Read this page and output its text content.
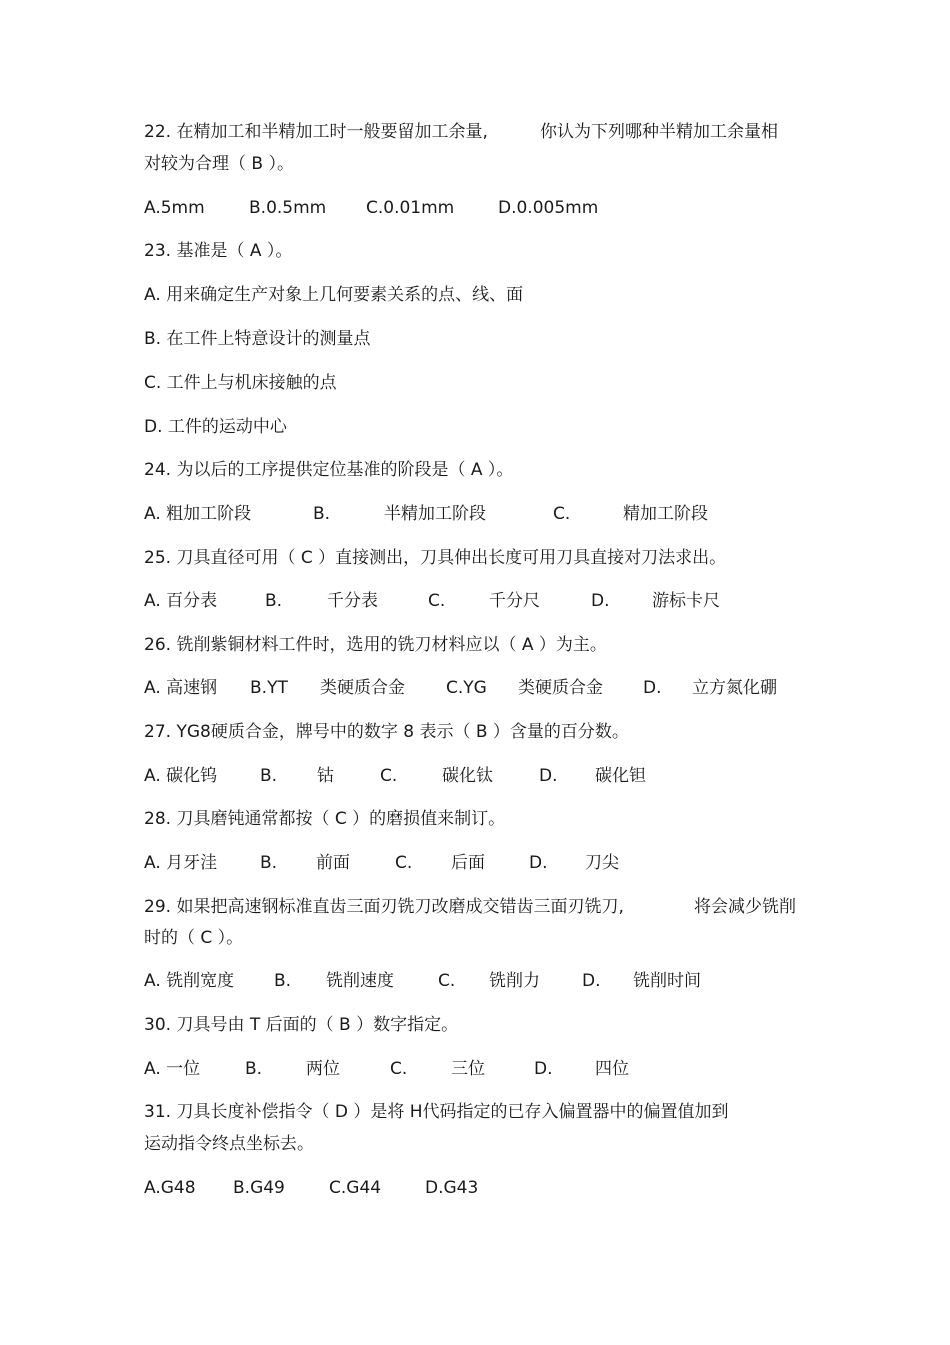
22. 在精加工和半精加工时一般要留加工余量,	你认为下列哪种半精加工余量相
对较为合理（ B ）。
A.5mm	B.0.5mm C.0.01mm	D.0.005mm
23. 基准是（ A ）。
A. 用来确定生产对象上几何要素关系的点、线、面
B. 在工件上特意设计的测量点
C. 工件上与机床接触的点
D. 工件的运动中心
24. 为以后的工序提供定位基准的阶段是（ A ）。
A. 粗加工阶段	B.	半精加工阶段	C.	精加工阶段
25. 刀具直径可用（ C ）直接测出，刀具伸出长度可用刀具直接对刀法求出。
A. 百分表	B.	千分表	C.	千分尺	D.	游标卡尺
26. 铣削紫铜材料工件时，选用的铣刀材料应以（ A ）为主。
A. 高速钢 B.YT 类硬质合金 C.YG 类硬质合金 D. 立方氮化硼
27. YG8硬质合金，牌号中的数字 8 表示（ B ）含量的百分数。
A. 碳化钨	B. 钴	C.	碳化钛	D. 碳化钽
28. 刀具磨钝通常都按（ C ）的磨损值来制订。
A. 月牙洼	B. 前面	C. 后面	D. 刀尖
29. 如果把高速钢标准直齿三面刃铣刀改磨成交错齿三面刃铣刀,	将会减少铣削
时的（ C ）。
A. 铣削宽度 B. 铣削速度	C. 铣削力 D. 铣削时间
30. 刀具号由 T 后面的（ B ）数字指定。
A. 一位	B.	两位	C.	三位	D.	四位
31. 刀具长度补偿指令（ D ）是将 H代码指定的已存入偏置器中的偏置值加到
运动指令终点坐标去。
A.G48 B.G49	C.G44	D.G43
